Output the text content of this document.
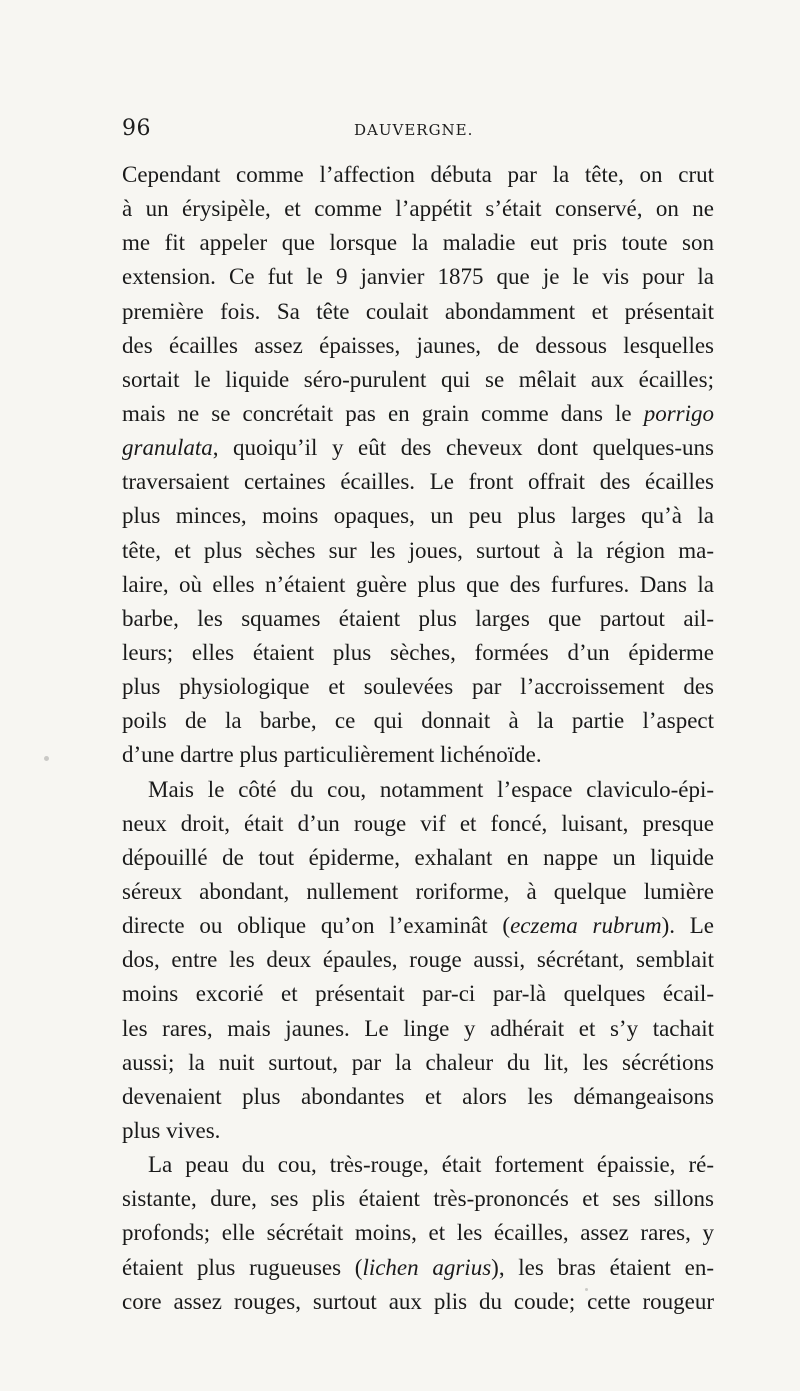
96	DAUVERGNE.
Cependant comme l’affection débuta par la tête, on crut
à un érysipèle, et comme l’appétit s’était conservé, on ne
me fit appeler que lorsque la maladie eut pris toute son
extension. Ce fut le 9 janvier 1875 que je le vis pour la
première fois. Sa tête coulait abondamment et présentait
des écailles assez épaisses, jaunes, de dessous lesquelles
sortait le liquide séro-purulent qui se mêlait aux écailles;
mais ne se concrétait pas en grain comme dans le porrigo
granulata, quoiqu’il y eût des cheveux dont quelques-uns
traversaient certaines écailles. Le front offrait des écailles
plus minces, moins opaques, un peu plus larges qu’à la
tête, et plus sèches sur les joues, surtout à la région ma-
laire, où elles n’étaient guère plus que des furfures. Dans la
barbe, les squames étaient plus larges que partout ail-
leurs; elles étaient plus sèches, formées d’un épiderme
plus physiologique et soulevées par l’accroissement des
poils de la barbe, ce qui donnait à la partie l’aspect
d’une dartre plus particulièrement lichénoïde.
Mais le côté du cou, notamment l’espace claviculo-épi-
neux droit, était d’un rouge vif et foncé, luisant, presque
dépouillé de tout épiderme, exhalant en nappe un liquide
séreux abondant, nullement roriforme, à quelque lumière
directe ou oblique qu’on l’examinât (eczema rubrum). Le
dos, entre les deux épaules, rouge aussi, sécrétant, semblait
moins excorié et présentait par-ci par-là quelques écail-
les rares, mais jaunes. Le linge y adhérait et s’y tachait
aussi; la nuit surtout, par la chaleur du lit, les sécrétions
devenaient plus abondantes et alors les démangeaisons
plus vives.
La peau du cou, très-rouge, était fortement épaissie, ré-
sistante, dure, ses plis étaient très-prononcés et ses sillons
profonds; elle sécrétait moins, et les écailles, assez rares, y
étaient plus rugueuses (lichen agrius), les bras étaient en-
core assez rouges, surtout aux plis du coude; cette rougeur
